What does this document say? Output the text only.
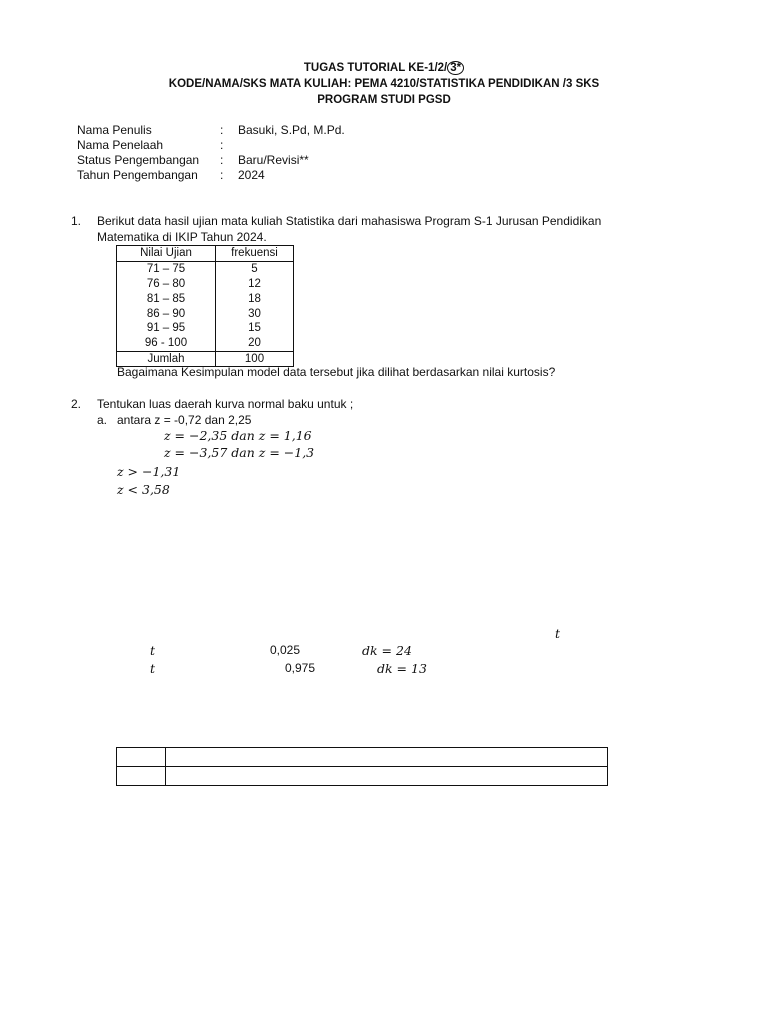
TUGAS TUTORIAL KE-1/2/ 3*
KODE/NAMA/SKS MATA KULIAH: PEMA 4210/STATISTIKA PENDIDIKAN /3 SKS
PROGRAM STUDI PGSD
Nama Penulis	: Basuki, S.Pd, M.Pd.
Nama Penelaah	:
Status Pengembangan : Baru/Revisi**
Tahun Pengembangan : 2024
1. Berikut data hasil ujian mata kuliah Statistika dari mahasiswa Program S-1 Jurusan Pendidikan
Matematika di IKIP Tahun 2024.
Nilai Ujian	frekuensi
71 – 75	5
76 – 80	12
81 – 85	18
86 – 90	30
91 – 95	15
96 - 100	20
Jumlah	100
Bagaimana Kesimpulan model data tersebut jika dilihat berdasarkan nilai kurtosis?
2. Tentukan luas daerah kurva normal baku untuk ;
a. antara z = -0,72 dan 2,25
𝑧 = −2,35 𝑑𝑎𝑛 𝑧 = 1,16
𝑧 = −3,57 𝑑𝑎𝑛 𝑧 = −1,3
𝑧 > −1,31
𝑧 < 3,58
𝑡
𝑡	0,025	𝑑𝑘 = 24
𝑡	0,975	𝑑𝑘 = 13
